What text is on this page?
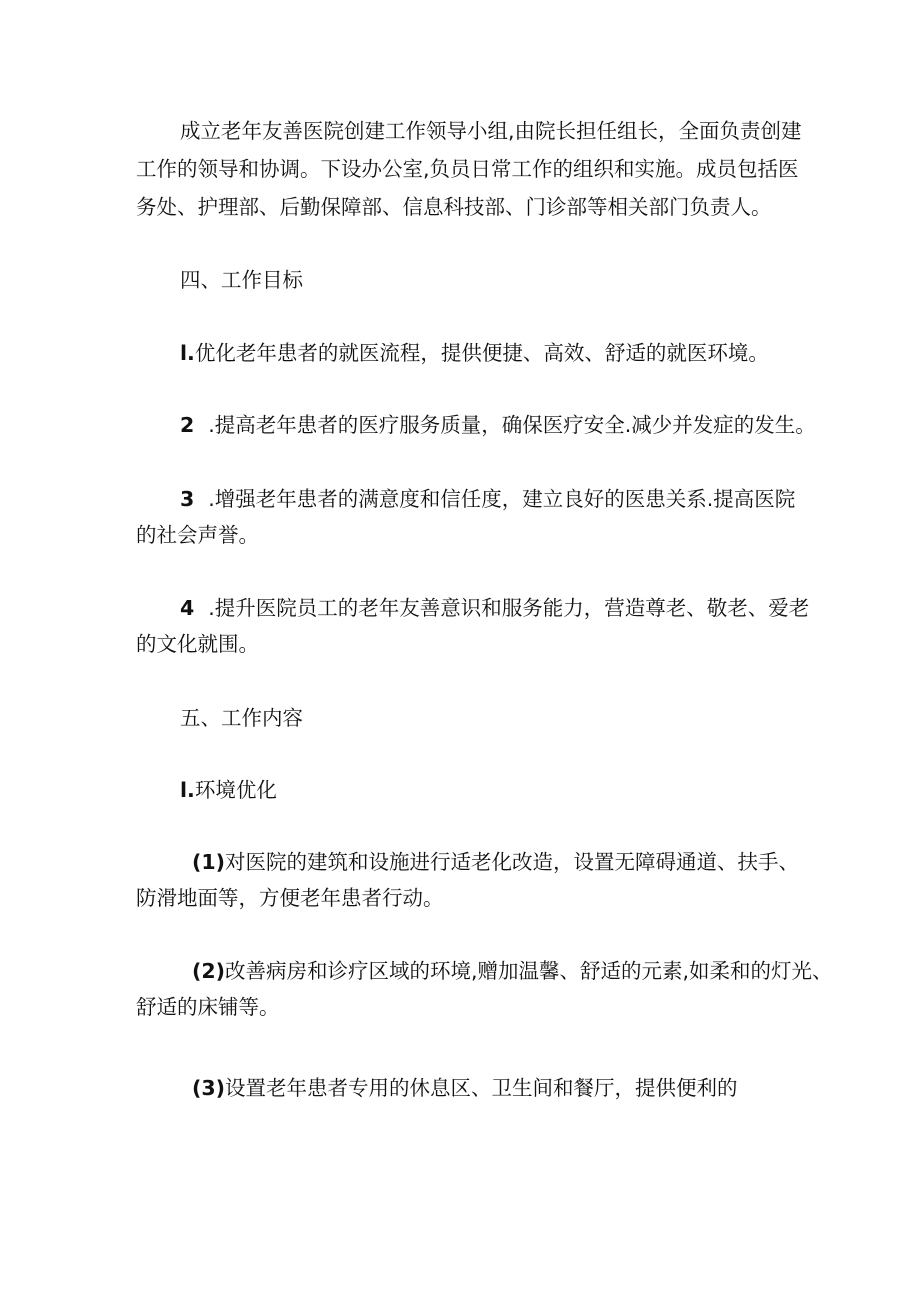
成立老年友善医院创建工作领导小组,由院长担任组长，全面负责创建
工作的领导和协调。下设办公室,负员日常工作的组织和实施。成员包括医
务处、护理部、后勤保障部、信息科技部、门诊部等相关部门负责人。
四、工作目标
l.优化老年患者的就医流程，提供便捷、高效、舒适的就医环境。
2 .提高老年患者的医疗服务质量，确保医疗安全.减少并发症的发生。
3 .增强老年患者的满意度和信任度，建立良好的医患关系.提高医院
的社会声誉。
4 .提升医院员工的老年友善意识和服务能力，营造尊老、敬老、爱老
的文化就围。
五、工作内容
l.环境优化
(1)对医院的建筑和设施进行适老化改造，设置无障碍通道、扶手、
防滑地面等，方便老年患者行动。
(2)改善病房和诊疗区域的环境,赠加温馨、舒适的元素,如柔和的灯光、
舒适的床铺等。
(3)设置老年患者专用的休息区、卫生间和餐厅，提供便利的
